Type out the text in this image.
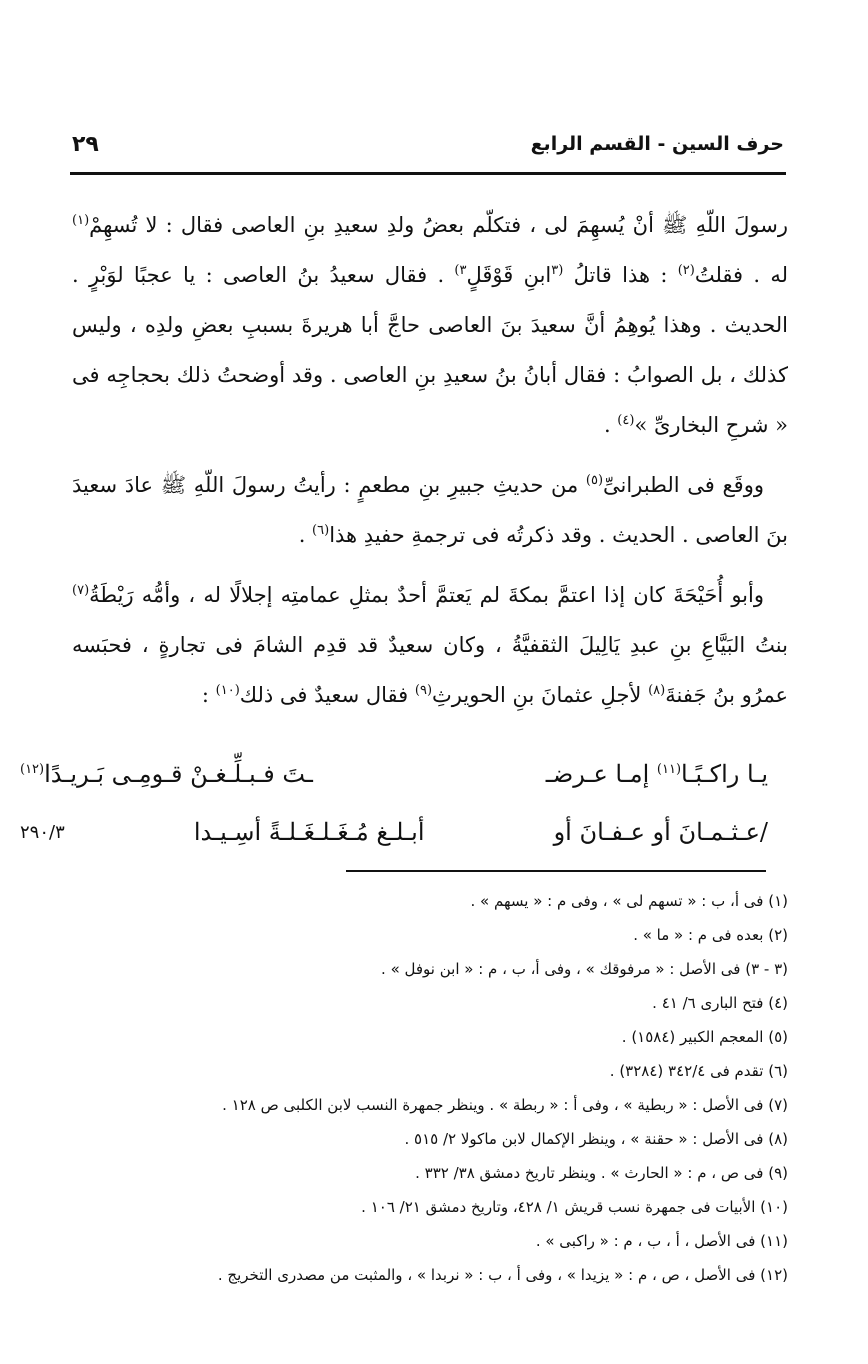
٢٩	حرف السين - القسم الرابع

رسولَ اللّهِ ﷺ أنْ يُسهِمَ لى ، فتكلّم بعضُ ولدِ سعيدِ بنِ العاصى فقال : لا تُسهِمْ$^{(١)}$ له . فقلتُ$^{(٢)}$ : هذا قاتلُ $^{(٣}$ابنِ قَوْقَلٍ$^{٣)}$ . فقال سعيدُ بنُ العاصى : يا عجبًا لوَبْرٍ . الحديث . وهذا يُوهِمُ أنَّ سعيدَ بنَ العاصى حاجَّ أبا هريرةَ بسببِ بعضِ ولدِه ، وليس كذلك ، بل الصوابُ : فقال أبانُ بنُ سعيدِ بنِ العاصى . وقد أوضحتُ ذلك بحجاجِه فى « شرحِ البخارىِّ »$^{(٤)}$ .

ووقَع فى الطبرانىِّ$^{(٥)}$ من حديثِ جبيرِ بنِ مطعمٍ : رأيتُ رسولَ اللّهِ ﷺ عادَ سعيدَ بنَ العاصى . الحديث . وقد ذكرتُه فى ترجمةِ حفيدِ هذا$^{(٦)}$ .

وأبو أُحَيْحَةَ كان إذا اعتمَّ بمكةَ لم يَعتمَّ أحدٌ بمثلِ عمامتِه إجلالًا له ، وأمُّه رَيْطَةُ$^{(٧)}$ بنتُ البَيَّاعِ بنِ عبدِ يَالِيلَ الثقفيَّةُ ، وكان سعيدٌ قد قدِم الشامَ فى تجارةٍ ، فحبَسه عمرُو بنُ جَفنةَ$^{(٨)}$ لأجلِ عثمانَ بنِ الحويرثِ$^{(٩)}$ فقال سعيدٌ فى ذلك$^{(١٠)}$ :

يـا راكـبًـا$^{(١١)}$ إمـا عـرضـ
ـتَ فـبـلِّـغـنْ قـومِـى بَـريـدًا$^{(١٢)}$
/عـثـمـانَ أو عـفـانَ أو
أبـلـغ مُـغَـلـغَـلـةً أسِـيـدا
٢٩٠/٣
(١) فى أ، ب : « تسهم لى » ، وفى م : « يسهم » .
(٢) بعده فى م : « ما » .
(٣ - ٣) فى الأصل : « مرفوقك » ، وفى أ، ب ، م : « ابن نوفل » .
(٤) فتح البارى ٦/ ٤١ .
(٥) المعجم الكبير (١٥٨٤) .
(٦) تقدم فى ٣٤٢/٤ (٣٢٨٤) .
(٧) فى الأصل : « ربطية » ، وفى أ : « ربطة » . وينظر جمهرة النسب لابن الكلبى ص ١٢٨ .
(٨) فى الأصل : « حقنة » ، وينظر الإكمال لابن ماكولا ٢/ ٥١٥ .
(٩) فى ص ، م : « الحارث » . وينظر تاريخ دمشق ٣٨/ ٣٣٢ .
(١٠) الأبيات فى جمهرة نسب قريش ١/ ٤٢٨، وتاريخ دمشق ٢١/ ١٠٦ .
(١١) فى الأصل ، أ ، ب ، م : « راكبى » .
(١٢) فى الأصل ، ص ، م : « يزيدا » ، وفى أ ، ب : « نربدا » ، والمثبت من مصدرى التخريج .
